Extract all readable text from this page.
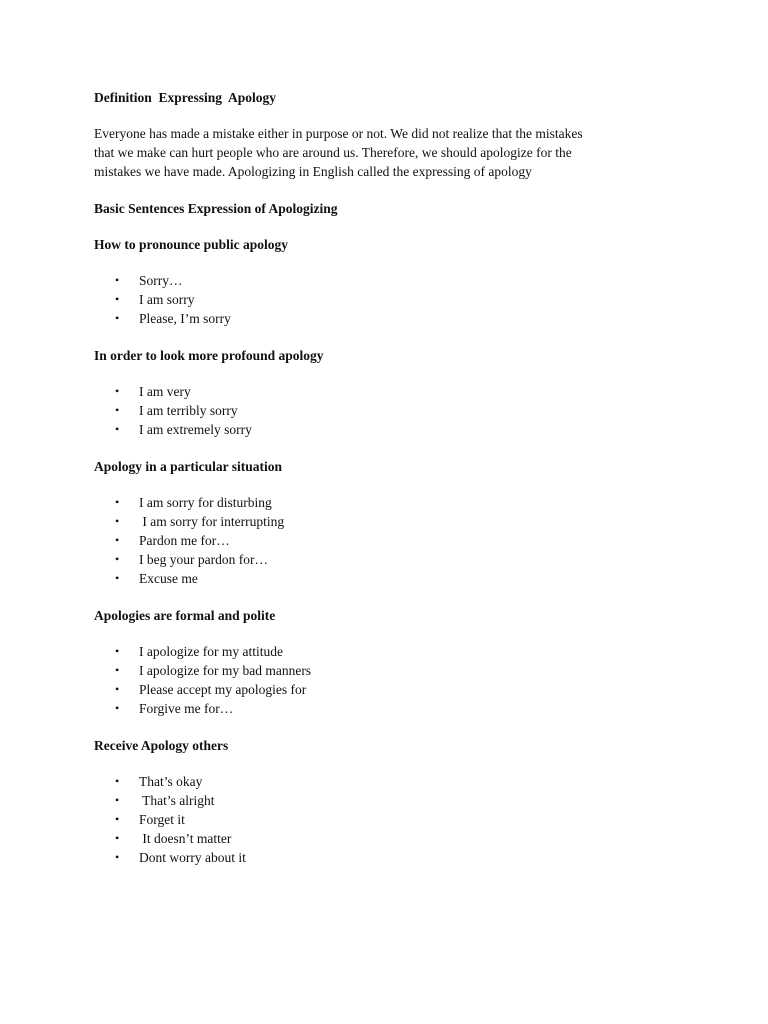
Definition  Expressing  Apology

Everyone has made a mistake either in purpose or not. We did not realize that the mistakes
that we make can hurt people who are around us. Therefore, we should apologize for the
mistakes we have made. Apologizing in English called the expressing of apology

Basic Sentences Expression of Apologizing

How to pronounce public apology

• Sorry…
• I am sorry
• Please, I’m sorry

In order to look more profound apology

• I am very
• I am terribly sorry
• I am extremely sorry

Apology in a particular situation

• I am sorry for disturbing
• I am sorry for interrupting
• Pardon me for…
• I beg your pardon for…
• Excuse me

Apologies are formal and polite

• I apologize for my attitude
• I apologize for my bad manners
• Please accept my apologies for
• Forgive me for…

Receive Apology others

• That’s okay
• That’s alright
• Forget it
• It doesn’t matter
• Dont worry about it
